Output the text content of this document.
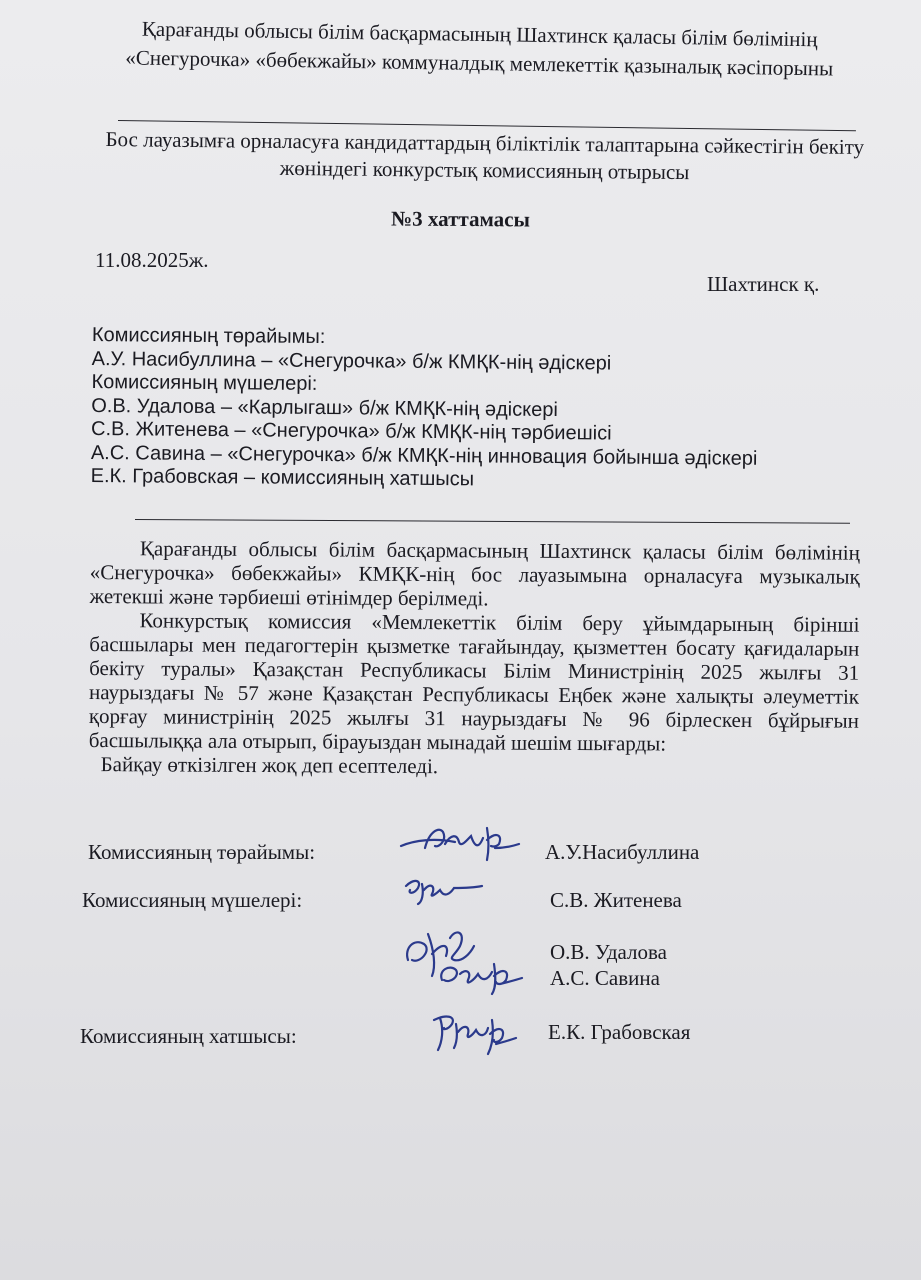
Қарағанды облысы білім басқармасының Шахтинск қаласы білім бөлімінің «Снегурочка» «бөбекжайы» коммуналдық мемлекеттік қазыналық кәсіпорыны
Бос лауазымға орналасуға кандидаттардың біліктілік талаптарына сәйкестігін бекіту жөніндегі конкурстық комиссияның отырысы
№3 хаттамасы
11.08.2025ж.
Шахтинск қ.
Комиссияның төрайымы:
А.У. Насибуллина – «Снегурочка» б/ж КМҚК-нің әдіскері
Комиссияның мүшелері:
О.В. Удалова – «Карлыгаш» б/ж КМҚК-нің әдіскері
С.В. Житенева – «Снегурочка» б/ж КМҚК-нің тәрбиешісі
А.С. Савина – «Снегурочка» б/ж КМҚК-нің инновация бойынша әдіскері
Е.К. Грабовская – комиссияның хатшысы

Қарағанды облысы білім басқармасының Шахтинск қаласы білім бөлімінің «Снегурочка» бөбекжайы» КМҚК-нің бос лауазымына орналасуға музыкалық жетекші және тәрбиеші өтінімдер берілмеді.

Конкурстық комиссия «Мемлекеттік білім беру ұйымдарының бірінші басшылары мен педагогтерін қызметке тағайындау, қызметтен босату қағидаларын бекіту туралы» Қазақстан Республикасы Білім Министрінің 2025 жылғы 31 наурыздағы № 57 және Қазақстан Республикасы Еңбек және халықты әлеуметтік қорғау министрінің 2025 жылғы 31 наурыздағы № 96 бірлескен бұйрығын басшылыққа ала отырып, бірауыздан мынадай шешім шығарды:

Байқау өткізілген жоқ деп есептеледі.

Комиссияның төрайымы:	А.У.Насибуллина
Комиссияның мүшелері:	С.В. Житенева
О.В. Удалова
А.С. Савина
Комиссияның хатшысы:	Е.К. Грабовская
